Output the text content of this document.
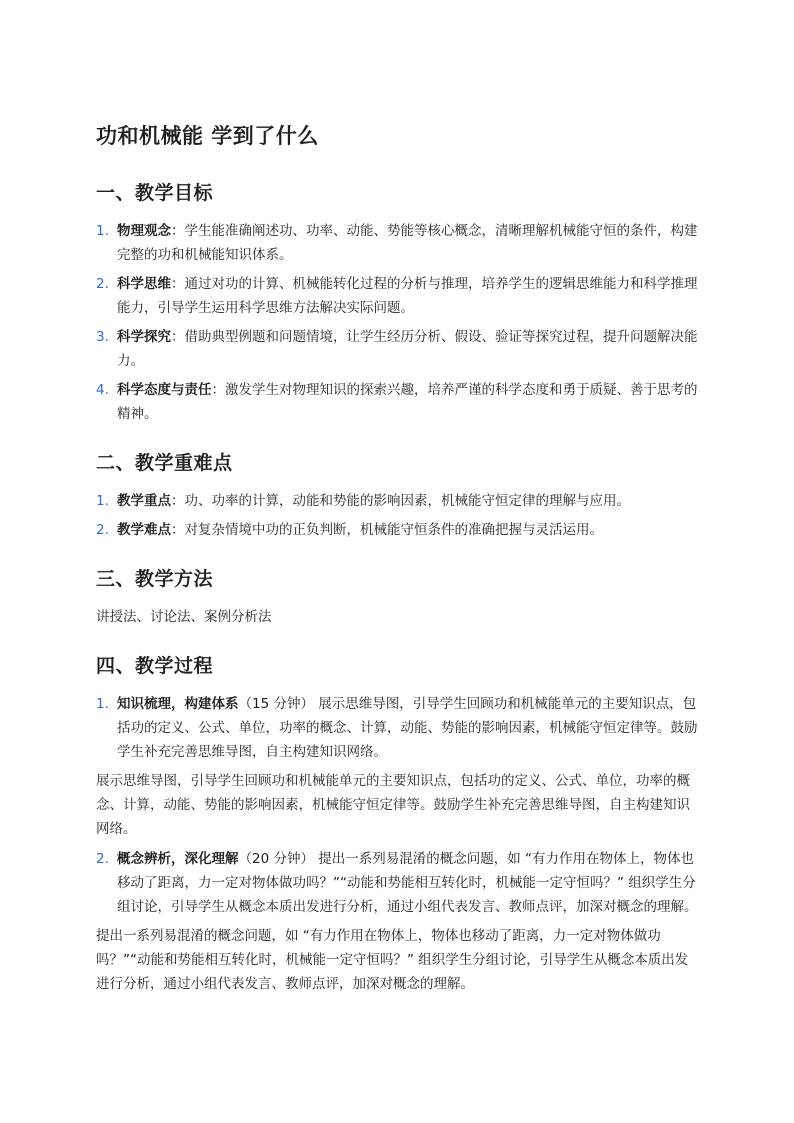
功和机械能 学到了什么
一、教学目标
1. 物理观念：学生能准确阐述功、功率、动能、势能等核心概念，清晰理解机械能守恒的条件，构建完整的功和机械能知识体系。
2. 科学思维：通过对功的计算、机械能转化过程的分析与推理，培养学生的逻辑思维能力和科学推理能力，引导学生运用科学思维方法解决实际问题。
3. 科学探究：借助典型例题和问题情境，让学生经历分析、假设、验证等探究过程，提升问题解决能力。
4. 科学态度与责任：激发学生对物理知识的探索兴趣，培养严谨的科学态度和勇于质疑、善于思考的精神。
二、教学重难点
1. 教学重点：功、功率的计算，动能和势能的影响因素，机械能守恒定律的理解与应用。
2. 教学难点：对复杂情境中功的正负判断，机械能守恒条件的准确把握与灵活运用。
三、教学方法

讲授法、讨论法、案例分析法

四、教学过程
1. 知识梳理，构建体系（15 分钟） 展示思维导图，引导学生回顾功和机械能单元的主要知识点，包括功的定义、公式、单位，功率的概念、计算，动能、势能的影响因素，机械能守恒定律等。鼓励学生补充完善思维导图，自主构建知识网络。

展示思维导图，引导学生回顾功和机械能单元的主要知识点，包括功的定义、公式、单位，功率的概念、计算，动能、势能的影响因素，机械能守恒定律等。鼓励学生补充完善思维导图，自主构建知识网络。

2. 概念辨析，深化理解（20 分钟） 提出一系列易混淆的概念问题，如 “有力作用在物体上，物体也移动了距离，力一定对物体做功吗？”“动能和势能相互转化时，机械能一定守恒吗？” 组织学生分组讨论，引导学生从概念本质出发进行分析，通过小组代表发言、教师点评，加深对概念的理解。

提出一系列易混淆的概念问题，如 “有力作用在物体上，物体也移动了距离，力一定对物体做功吗？”“动能和势能相互转化时，机械能一定守恒吗？” 组织学生分组讨论，引导学生从概念本质出发进行分析，通过小组代表发言、教师点评，加深对概念的理解。
